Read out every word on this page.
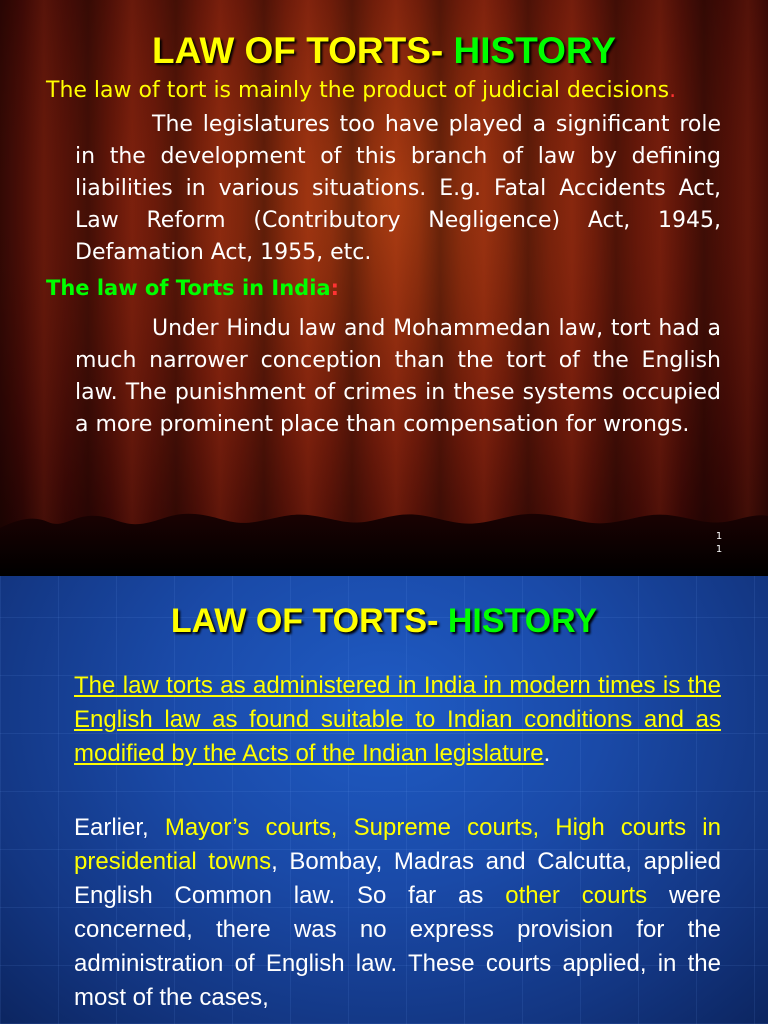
LAW OF TORTS- HISTORY

The law of tort is mainly the product of judicial decisions.

The legislatures too have played a significant role in the development of this branch of law by defining liabilities in various situations. E.g. Fatal Accidents Act, Law Reform (Contributory Negligence) Act, 1945, Defamation Act, 1955, etc.

The law of Torts in India:

Under Hindu law and Mohammedan law, tort had a much narrower conception than the tort of the English law. The punishment of crimes in these systems occupied a more prominent place than compensation for wrongs.

1
1
LAW OF TORTS- HISTORY

The law torts as administered in India in modern times is the English law as found suitable to Indian conditions and as modified by the Acts of the Indian legislature.

Earlier, Mayor’s courts, Supreme courts, High courts in presidential towns, Bombay, Madras and Calcutta, applied English Common law. So far as other courts were concerned, there was no express provision for the administration of English law. These courts applied, in the most of the cases,
